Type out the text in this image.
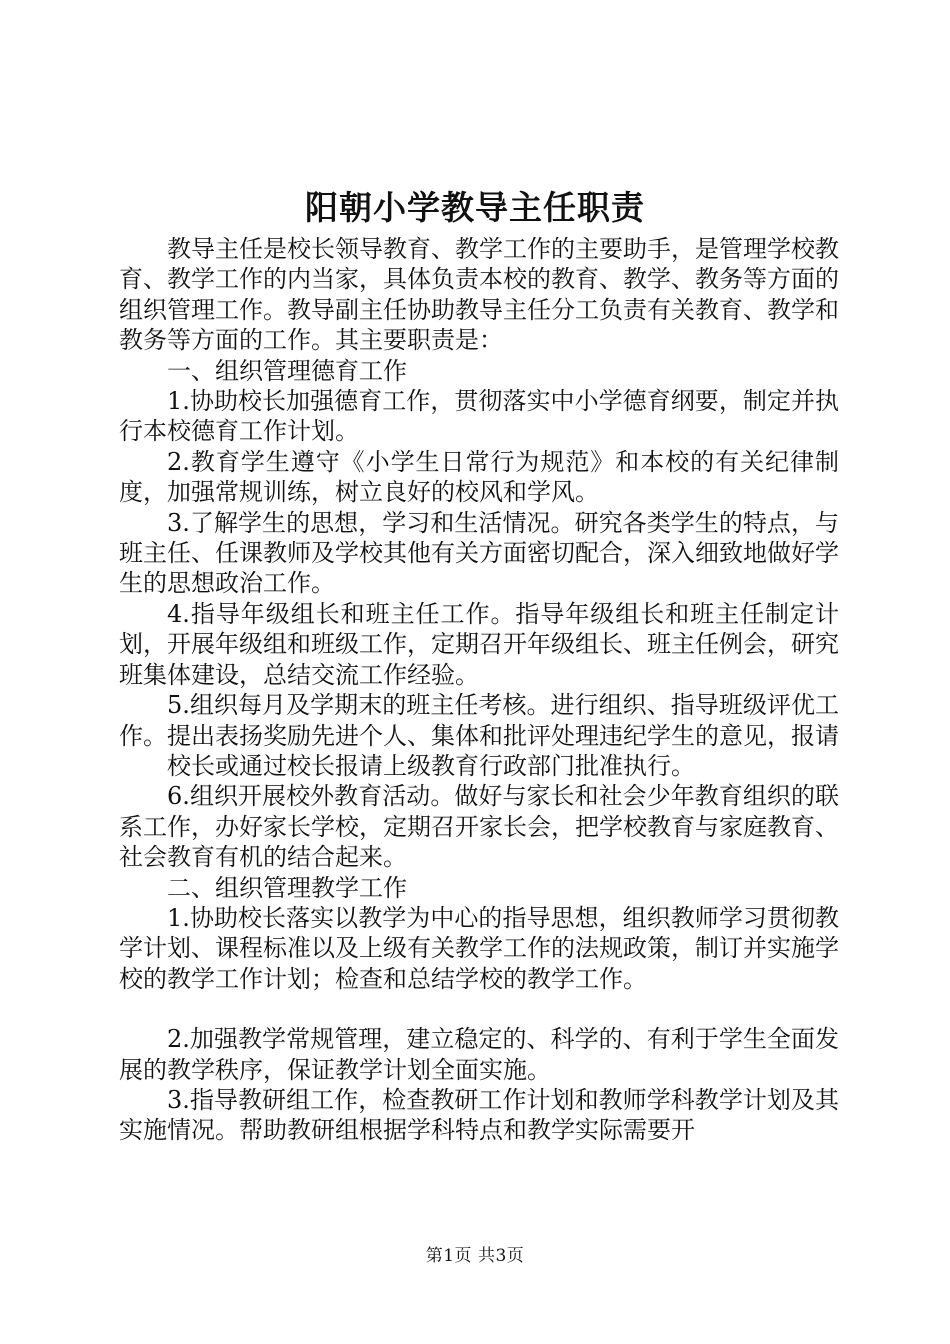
阳朝小学教导主任职责

教导主任是校长领导教育、教学工作的主要助手，是管理学校教育、教学工作的内当家，具体负责本校的教育、教学、教务等方面的组织管理工作。教导副主任协助教导主任分工负责有关教育、教学和教务等方面的工作。其主要职责是：

一、组织管理德育工作

1.协助校长加强德育工作，贯彻落实中小学德育纲要，制定并执行本校德育工作计划。

2.教育学生遵守《小学生日常行为规范》和本校的有关纪律制度，加强常规训练，树立良好的校风和学风。

3.了解学生的思想，学习和生活情况。研究各类学生的特点，与班主任、任课教师及学校其他有关方面密切配合，深入细致地做好学生的思想政治工作。

4.指导年级组长和班主任工作。指导年级组长和班主任制定计划，开展年级组和班级工作，定期召开年级组长、班主任例会，研究班集体建设，总结交流工作经验。

5.组织每月及学期末的班主任考核。进行组织、指导班级评优工作。提出表扬奖励先进个人、集体和批评处理违纪学生的意见，报请

校长或通过校长报请上级教育行政部门批准执行。

6.组织开展校外教育活动。做好与家长和社会少年教育组织的联系工作，办好家长学校，定期召开家长会，把学校教育与家庭教育、社会教育有机的结合起来。

二、组织管理教学工作

1.协助校长落实以教学为中心的指导思想，组织教师学习贯彻教学计划、课程标准以及上级有关教学工作的法规政策，制订并实施学校的教学工作计划；检查和总结学校的教学工作。

2.加强教学常规管理，建立稳定的、科学的、有利于学生全面发展的教学秩序，保证教学计划全面实施。

3.指导教研组工作，检查教研工作计划和教师学科教学计划及其实施情况。帮助教研组根据学科特点和教学实际需要开

第1页 共3页
